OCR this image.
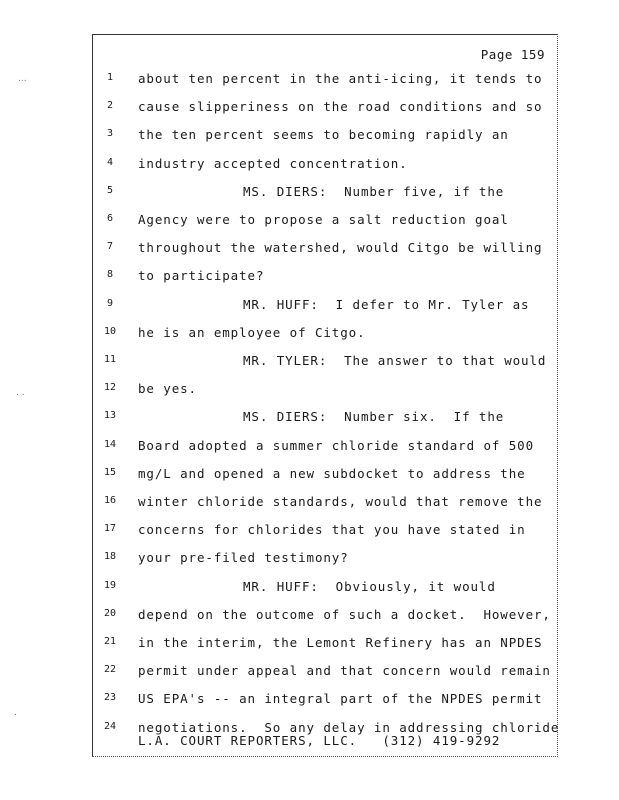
Page 159
1	about ten percent in the anti-icing, it tends to
2	cause slipperiness on the road conditions and so
3	the ten percent seems to becoming rapidly an
4	industry accepted concentration.
5	MS. DIERS:  Number five, if the
6	Agency were to propose a salt reduction goal
7	throughout the watershed, would Citgo be willing
8	to participate?
9	MR. HUFF:  I defer to Mr. Tyler as
10 he is an employee of Citgo.
11	MR. TYLER:  The answer to that would
12 be yes.
13	MS. DIERS:  Number six.  If the
14 Board adopted a summer chloride standard of 500
15 mg/L and opened a new subdocket to address the
16 winter chloride standards, would that remove the
17 concerns for chlorides that you have stated in
18 your pre-filed testimony?
19	MR. HUFF:  Obviously, it would
20 depend on the outcome of such a docket.  However,
21 in the interim, the Lemont Refinery has an NPDES
22 permit under appeal and that concern would remain
23 US EPA's -- an integral part of the NPDES permit
24 negotiations.  So any delay in addressing chloride
L.A. COURT REPORTERS, LLC.   (312) 419-9292
...
. .
.
